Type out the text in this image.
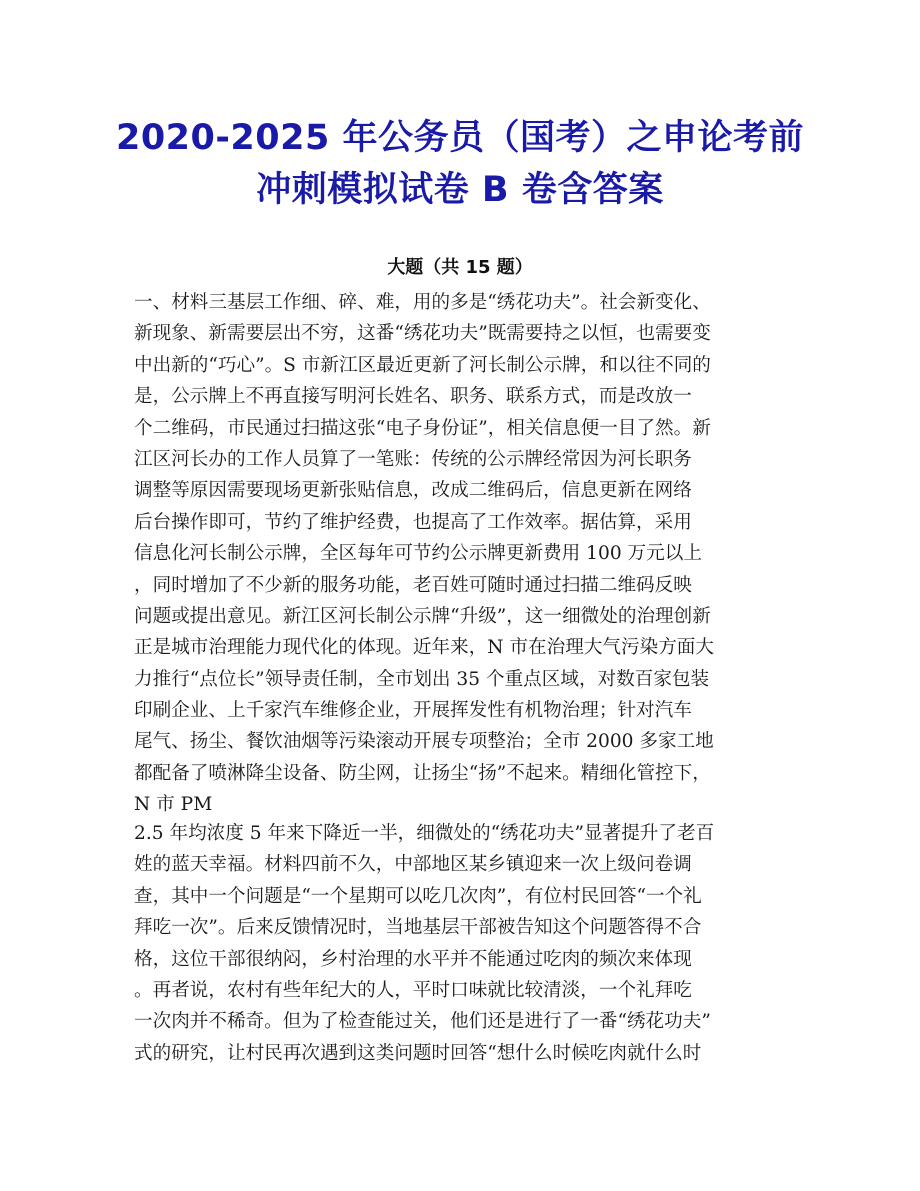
2020-2025 年公务员（国考）之申论考前
冲刺模拟试卷 B 卷含答案
大题（共 15 题）
一、材料三基层工作细、碎、难，用的多是“绣花功夫”。社会新变化、
新现象、新需要层出不穷，这番“绣花功夫”既需要持之以恒，也需要变
中出新的“巧心”。S 市新江区最近更新了河长制公示牌，和以往不同的
是，公示牌上不再直接写明河长姓名、职务、联系方式，而是改放一
个二维码，市民通过扫描这张“电子身份证”，相关信息便一目了然。新
江区河长办的工作人员算了一笔账：传统的公示牌经常因为河长职务
调整等原因需要现场更新张贴信息，改成二维码后，信息更新在网络
后台操作即可，节约了维护经费，也提高了工作效率。据估算，采用
信息化河长制公示牌，全区每年可节约公示牌更新费用 100 万元以上
，同时增加了不少新的服务功能，老百姓可随时通过扫描二维码反映
问题或提出意见。新江区河长制公示牌“升级”，这一细微处的治理创新
正是城市治理能力现代化的体现。近年来，N 市在治理大气污染方面大
力推行“点位长”领导责任制，全市划出 35 个重点区域，对数百家包装
印刷企业、上千家汽车维修企业，开展挥发性有机物治理；针对汽车
尾气、扬尘、餐饮油烟等污染滚动开展专项整治；全市 2000 多家工地
都配备了喷淋降尘设备、防尘网，让扬尘“扬”不起来。精细化管控下，
N 市 PM
2.5 年均浓度 5 年来下降近一半，细微处的“绣花功夫”显著提升了老百
姓的蓝天幸福。材料四前不久，中部地区某乡镇迎来一次上级问卷调
查，其中一个问题是“一个星期可以吃几次肉”，有位村民回答“一个礼
拜吃一次”。后来反馈情况时，当地基层干部被告知这个问题答得不合
格，这位干部很纳闷，乡村治理的水平并不能通过吃肉的频次来体现
。再者说，农村有些年纪大的人，平时口味就比较清淡，一个礼拜吃
一次肉并不稀奇。但为了检查能过关，他们还是进行了一番“绣花功夫”
式的研究，让村民再次遇到这类问题时回答“想什么时候吃肉就什么时
